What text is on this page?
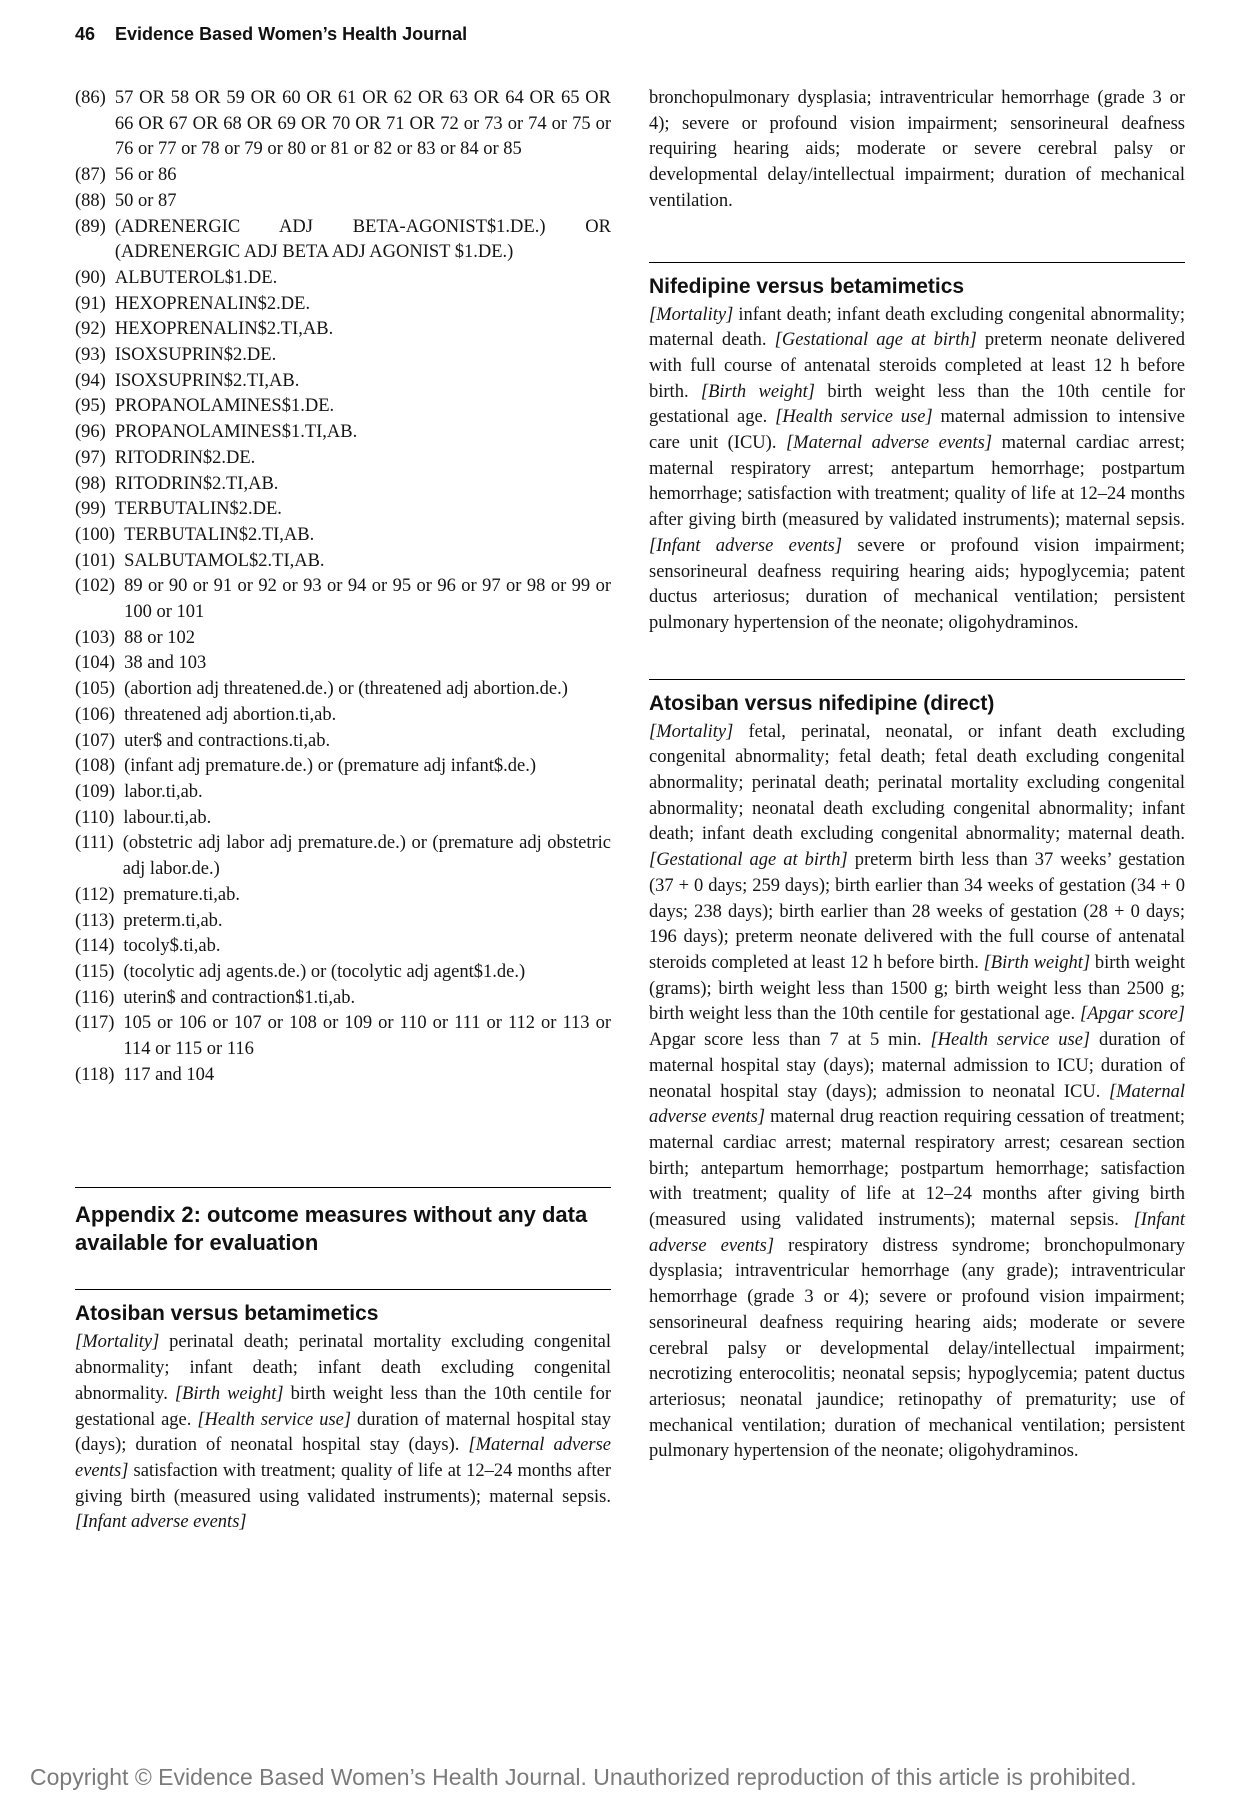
46 Evidence Based Women’s Health Journal
(86) 57 OR 58 OR 59 OR 60 OR 61 OR 62 OR 63 OR 64 OR 65 OR 66 OR 67 OR 68 OR 69 OR 70 OR 71 OR 72 or 73 or 74 or 75 or 76 or 77 or 78 or 79 or 80 or 81 or 82 or 83 or 84 or 85
(87) 56 or 86
(88) 50 or 87
(89) (ADRENERGIC ADJ BETA-AGONIST$1.DE.) OR (ADRENERGIC ADJ BETA ADJ AGONIST $1.DE.)
(90) ALBUTEROL$1.DE.
(91) HEXOPRENALIN$2.DE.
(92) HEXOPRENALIN$2.TI,AB.
(93) ISOXSUPRIN$2.DE.
(94) ISOXSUPRIN$2.TI,AB.
(95) PROPANOLAMINES$1.DE.
(96) PROPANOLAMINES$1.TI,AB.
(97) RITODRIN$2.DE.
(98) RITODRIN$2.TI,AB.
(99) TERBUTALIN$2.DE.
(100) TERBUTALIN$2.TI,AB.
(101) SALBUTAMOL$2.TI,AB.
(102) 89 or 90 or 91 or 92 or 93 or 94 or 95 or 96 or 97 or 98 or 99 or 100 or 101
(103) 88 or 102
(104) 38 and 103
(105) (abortion adj threatened.de.) or (threatened adj abortion.de.)
(106) threatened adj abortion.ti,ab.
(107) uter$ and contractions.ti,ab.
(108) (infant adj premature.de.) or (premature adj infant$.de.)
(109) labor.ti,ab.
(110) labour.ti,ab.
(111) (obstetric adj labor adj premature.de.) or (premature adj obstetric adj labor.de.)
(112) premature.ti,ab.
(113) preterm.ti,ab.
(114) tocoly$.ti,ab.
(115) (tocolytic adj agents.de.) or (tocolytic adj agent$1.de.)
(116) uterin$ and contraction$1.ti,ab.
(117) 105 or 106 or 107 or 108 or 109 or 110 or 111 or 112 or 113 or 114 or 115 or 116
(118) 117 and 104
Appendix 2: outcome measures without any data available for evaluation
Atosiban versus betamimetics

[Mortality] perinatal death; perinatal mortality excluding congenital abnormality; infant death; infant death excluding congenital abnormality. [Birth weight] birth weight less than the 10th centile for gestational age. [Health service use] duration of maternal hospital stay (days); duration of neonatal hospital stay (days). [Maternal adverse events] satisfaction with treatment; quality of life at 12–24 months after giving birth (measured using validated instruments); maternal sepsis. [Infant adverse events]

bronchopulmonary dysplasia; intraventricular hemorrhage (grade 3 or 4); severe or profound vision impairment; sensorineural deafness requiring hearing aids; moderate or severe cerebral palsy or developmental delay/intellectual impairment; duration of mechanical ventilation.

Nifedipine versus betamimetics

[Mortality] infant death; infant death excluding congenital abnormality; maternal death. [Gestational age at birth] preterm neonate delivered with full course of antenatal steroids completed at least 12 h before birth. [Birth weight] birth weight less than the 10th centile for gestational age. [Health service use] maternal admission to intensive care unit (ICU). [Maternal adverse events] maternal cardiac arrest; maternal respiratory arrest; antepartum hemorrhage; postpartum hemorrhage; satisfaction with treatment; quality of life at 12–24 months after giving birth (measured by validated instruments); maternal sepsis. [Infant adverse events] severe or profound vision impairment; sensorineural deafness requiring hearing aids; hypoglycemia; patent ductus arteriosus; duration of mechanical ventilation; persistent pulmonary hypertension of the neonate; oligohydraminos.

Atosiban versus nifedipine (direct)

[Mortality] fetal, perinatal, neonatal, or infant death excluding congenital abnormality; fetal death; fetal death excluding congenital abnormality; perinatal death; perinatal mortality excluding congenital abnormality; neonatal death excluding congenital abnormality; infant death; infant death excluding congenital abnormality; maternal death. [Gestational age at birth] preterm birth less than 37 weeks’ gestation (37 + 0 days; 259 days); birth earlier than 34 weeks of gestation (34 + 0 days; 238 days); birth earlier than 28 weeks of gestation (28 + 0 days; 196 days); preterm neonate delivered with the full course of antenatal steroids completed at least 12 h before birth. [Birth weight] birth weight (grams); birth weight less than 1500 g; birth weight less than 2500 g; birth weight less than the 10th centile for gestational age. [Apgar score] Apgar score less than 7 at 5 min. [Health service use] duration of maternal hospital stay (days); maternal admission to ICU; duration of neonatal hospital stay (days); admission to neonatal ICU. [Maternal adverse events] maternal drug reaction requiring cessation of treatment; maternal cardiac arrest; maternal respiratory arrest; cesarean section birth; antepartum hemorrhage; postpartum hemorrhage; satisfaction with treatment; quality of life at 12–24 months after giving birth (measured using validated instruments); maternal sepsis. [Infant adverse events] respiratory distress syndrome; bronchopulmonary dysplasia; intraventricular hemorrhage (any grade); intraventricular hemorrhage (grade 3 or 4); severe or profound vision impairment; sensorineural deafness requiring hearing aids; moderate or severe cerebral palsy or developmental delay/intellectual impairment; necrotizing enterocolitis; neonatal sepsis; hypoglycemia; patent ductus arteriosus; neonatal jaundice; retinopathy of prematurity; use of mechanical ventilation; duration of mechanical ventilation; persistent pulmonary hypertension of the neonate; oligohydraminos.

Copyright © Evidence Based Women’s Health Journal. Unauthorized reproduction of this article is prohibited.
